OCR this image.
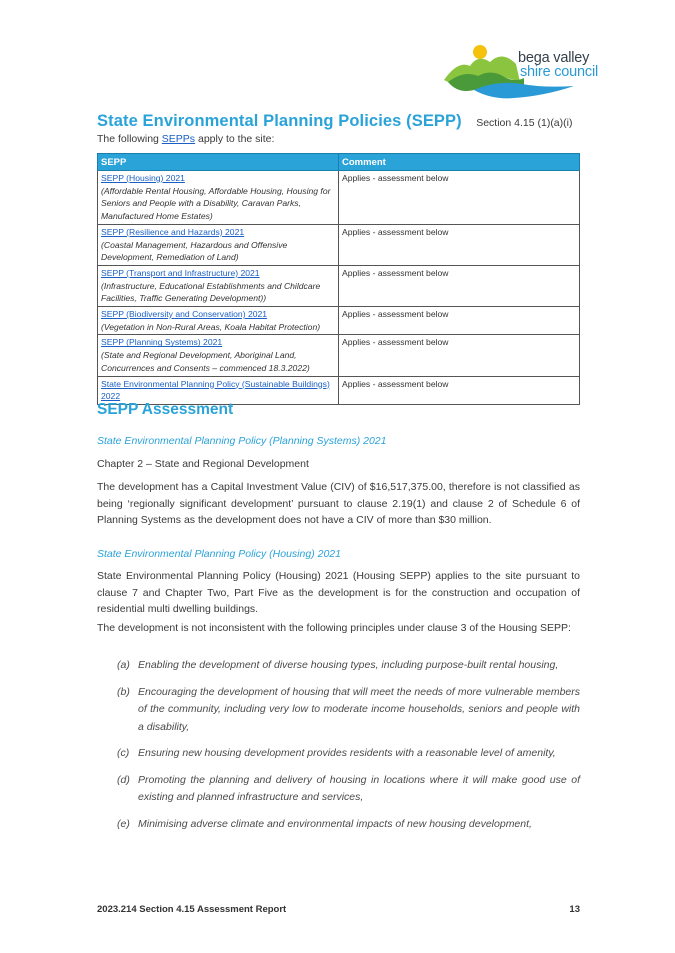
bega valley
shire council
State Environmental Planning Policies (SEPP) Section 4.15 (1)(a)(i)
The following SEPPs apply to the site:
SEPP	Comment

SEPP (Housing) 2021
(Affordable Rental Housing, Affordable Housing, Housing for Seniors and People with a Disability, Caravan Parks, Manufactured Home Estates)	Applies - assessment below

SEPP (Resilience and Hazards) 2021
(Coastal Management, Hazardous and Offensive Development, Remediation of Land)	Applies - assessment below

SEPP (Transport and Infrastructure) 2021
(Infrastructure, Educational Establishments and Childcare Facilities, Traffic Generating Development))	Applies - assessment below

SEPP (Biodiversity and Conservation) 2021
(Vegetation in Non-Rural Areas, Koala Habitat Protection)	Applies - assessment below

SEPP (Planning Systems) 2021
(State and Regional Development, Aboriginal Land, Concurrences and Consents – commenced 18.3.2022)	Applies - assessment below

State Environmental Planning Policy (Sustainable Buildings) 2022	Applies - assessment below
SEPP Assessment
State Environmental Planning Policy (Planning Systems) 2021
Chapter 2 – State and Regional Development
The development has a Capital Investment Value (CIV) of $16,517,375.00, therefore is not classified as being ‘regionally significant development’ pursuant to clause 2.19(1) and clause 2 of Schedule 6 of Planning Systems as the development does not have a CIV of more than $30 million.
State Environmental Planning Policy (Housing) 2021
State Environmental Planning Policy (Housing) 2021 (Housing SEPP) applies to the site pursuant to clause 7 and Chapter Two, Part Five as the development is for the construction and occupation of residential multi dwelling buildings.
The development is not inconsistent with the following principles under clause 3 of the Housing SEPP:
(a) Enabling the development of diverse housing types, including purpose-built rental housing,
(b) Encouraging the development of housing that will meet the needs of more vulnerable members of the community, including very low to moderate income households, seniors and people with a disability,
(c) Ensuring new housing development provides residents with a reasonable level of amenity,
(d) Promoting the planning and delivery of housing in locations where it will make good use of existing and planned infrastructure and services,
(e) Minimising adverse climate and environmental impacts of new housing development,
2023.214 Section 4.15 Assessment Report	13
